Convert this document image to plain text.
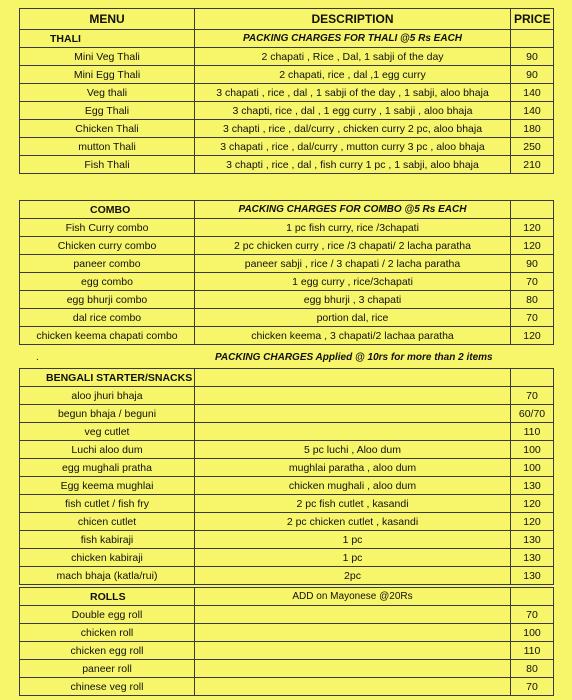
MENU	DESCRIPTION	PRICE
THALI	PACKING CHARGES FOR THALI @5 Rs EACH	
Mini Veg Thali	2 chapati , Rice , Dal, 1 sabji of the day	90
Mini Egg Thali	2 chapati, rice , dal ,1 egg curry	90
Veg thali	3 chapati , rice , dal , 1 sabji of the day , 1 sabji, aloo bhaja	140
Egg Thali	3 chapti, rice , dal , 1 egg curry , 1 sabji , aloo bhaja	140
Chicken Thali	3 chapti , rice , dal/curry , chicken curry 2 pc, aloo bhaja	180
mutton Thali	3 chapati , rice , dal/curry , mutton curry 3 pc , aloo bhaja	250
Fish Thali	3 chapti , rice , dal , fish curry 1 pc , 1 sabji, aloo bhaja	210
COMBO	PACKING CHARGES FOR COMBO @5 Rs EACH	
Fish Curry combo	1 pc fish curry, rice /3chapati	120
Chicken curry combo	2 pc chicken curry , rice /3 chapati/ 2 lacha paratha	120
paneer combo	paneer sabji , rice / 3 chapati / 2 lacha paratha	90
egg combo	1 egg curry , rice/3chapati	70
egg bhurji combo	egg bhurji , 3 chapati	80
dal rice combo	portion dal, rice	70
chicken keema chapati combo	chicken keema , 3 chapati/2 lachaa paratha	120
.	PACKING CHARGES Applied @ 10rs for more than 2 items
BENGALI STARTER/SNACKS		
aloo jhuri bhaja		70
begun bhaja / beguni		60/70
veg cutlet		110
Luchi aloo dum	5 pc luchi , Aloo dum	100
egg mughali pratha	mughlai paratha , aloo dum	100
Egg keema mughlai	chicken mughali , aloo dum	130
fish cutlet / fish fry	2 pc fish cutlet , kasandi	120
chicen cutlet	2 pc chicken cutlet , kasandi	120
fish kabiraji	1 pc	130
chicken kabiraji	1 pc	130
mach bhaja (katla/rui)	2pc	130
ROLLS	ADD on Mayonese @20Rs	
Double egg roll		70
chicken roll		100
chicken egg roll		110
paneer roll		80
chinese veg roll		70
